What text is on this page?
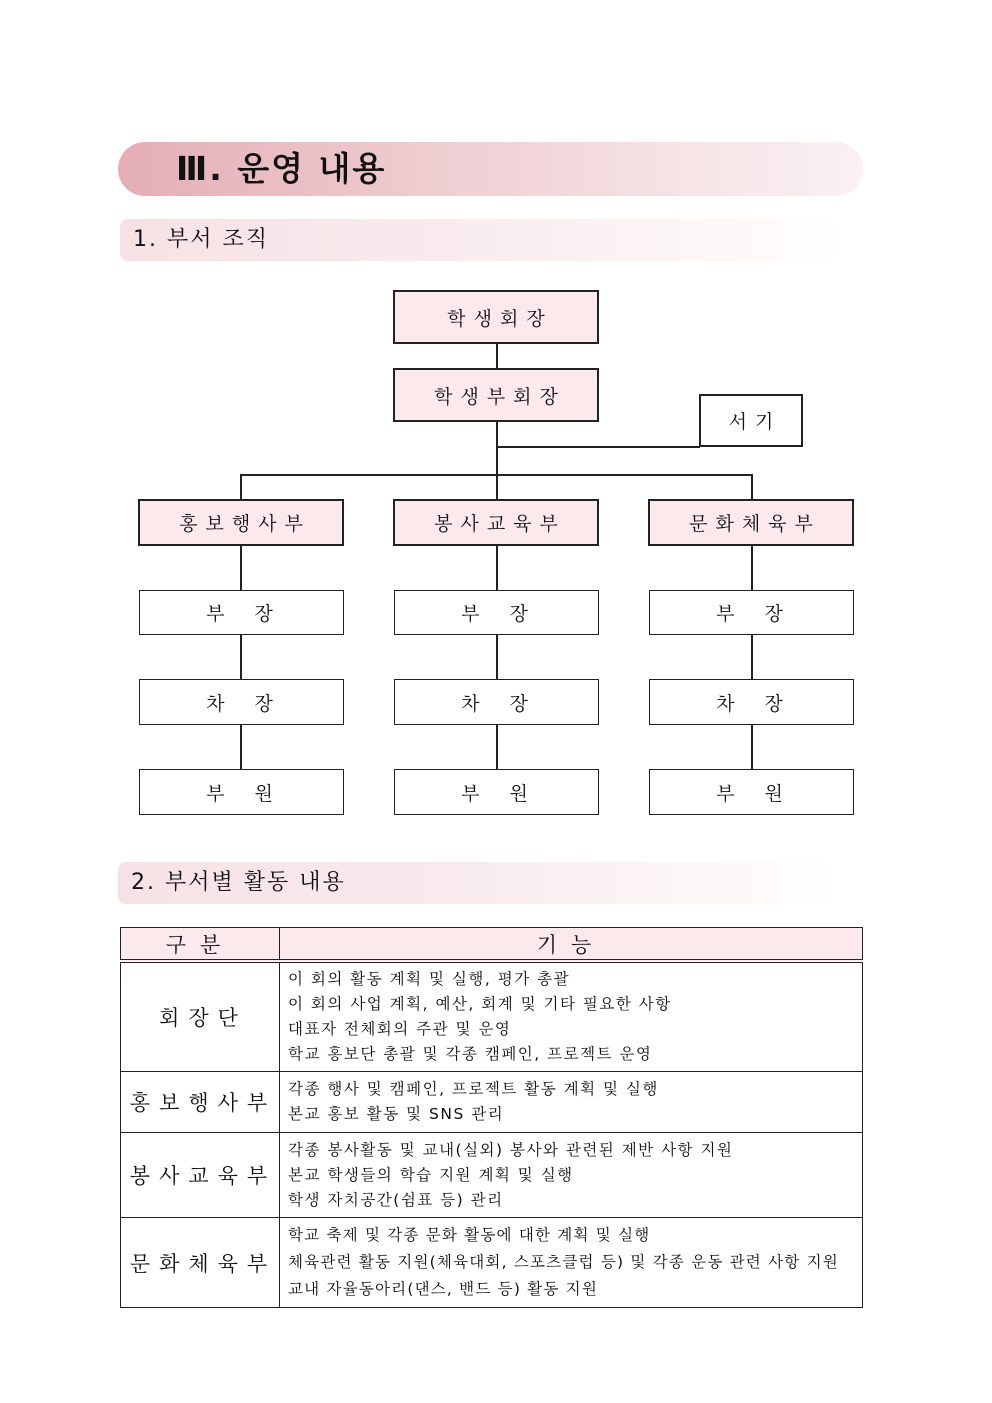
Ⅲ. 운영 내용
1. 부서 조직
학생회장
학생부회장
서기
홍보행사부	봉사교육부	문화체육부
부 장	부 장	부 장
차 장	차 장	차 장
부 원	부 원	부 원
2. 부서별 활동 내용
구분	기능
회장단	이 회의 활동 계획 및 실행, 평가 총괄
이 회의 사업 계획, 예산, 회계 및 기타 필요한 사항
대표자 전체회의 주관 및 운영
학교 홍보단 총괄 및 각종 캠페인, 프로젝트 운영

홍보행사부	각종 행사 및 캠페인, 프로젝트 활동 계획 및 실행
본교 홍보 활동 및 SNS 관리

봉사교육부	각종 봉사활동 및 교내(실외) 봉사와 관련된 제반 사항 지원
본교 학생들의 학습 지원 계획 및 실행
학생 자치공간(쉼표 등) 관리

문화체육부	학교 축제 및 각종 문화 활동에 대한 계획 및 실행
체육관련 활동 지원(체육대회, 스포츠클럽 등) 및 각종 운동 관련 사항 지원
교내 자율동아리(댄스, 밴드 등) 활동 지원
